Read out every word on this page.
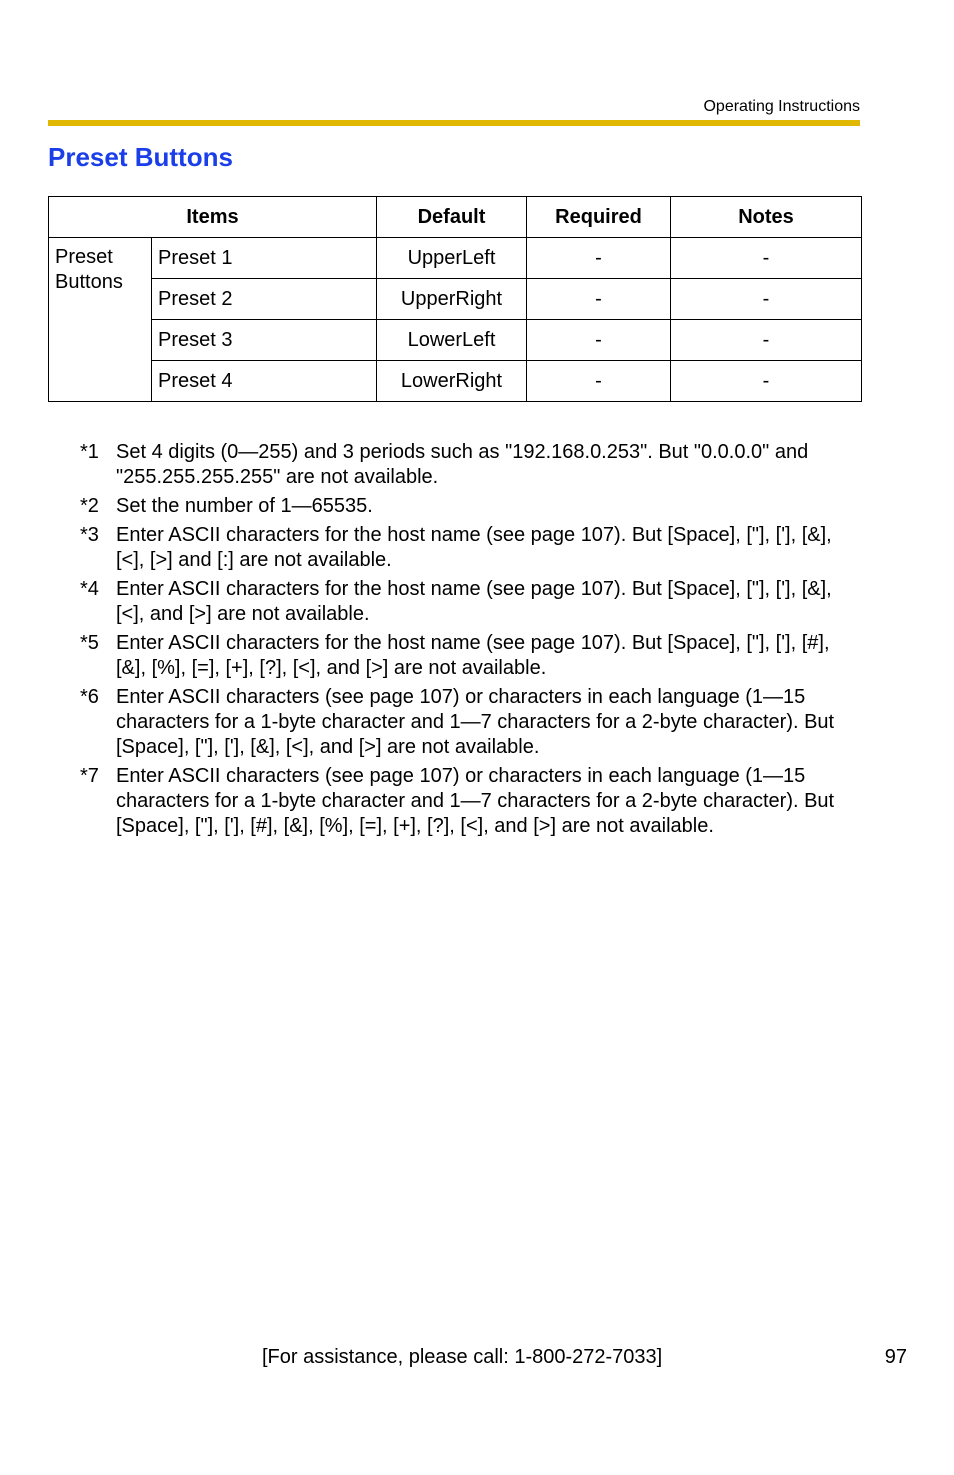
Operating Instructions
Preset Buttons
Items		Default	Required	Notes
Preset Buttons	Preset 1	UpperLeft	-	-
	Preset 2	UpperRight	-	-
	Preset 3	LowerLeft	-	-
	Preset 4	LowerRight	-	-
*1 Set 4 digits (0—255) and 3 periods such as "192.168.0.253". But "0.0.0.0" and "255.255.255.255" are not available.
*2 Set the number of 1—65535.
*3 Enter ASCII characters for the host name (see page 107). But [Space], ["], ['], [&], [<], [>] and [:] are not available.
*4 Enter ASCII characters for the host name (see page 107). But [Space], ["], ['], [&], [<], and [>] are not available.
*5 Enter ASCII characters for the host name (see page 107). But [Space], ["], ['], [#], [&], [%], [=], [+], [?], [<], and [>] are not available.
*6 Enter ASCII characters (see page 107) or characters in each language (1—15 characters for a 1-byte character and 1—7 characters for a 2-byte character). But [Space], ["], ['], [&], [<], and [>] are not available.
*7 Enter ASCII characters (see page 107) or characters in each language (1—15 characters for a 1-byte character and 1—7 characters for a 2-byte character). But [Space], ["], ['], [#], [&], [%], [=], [+], [?], [<], and [>] are not available.
[For assistance, please call: 1-800-272-7033]	97
